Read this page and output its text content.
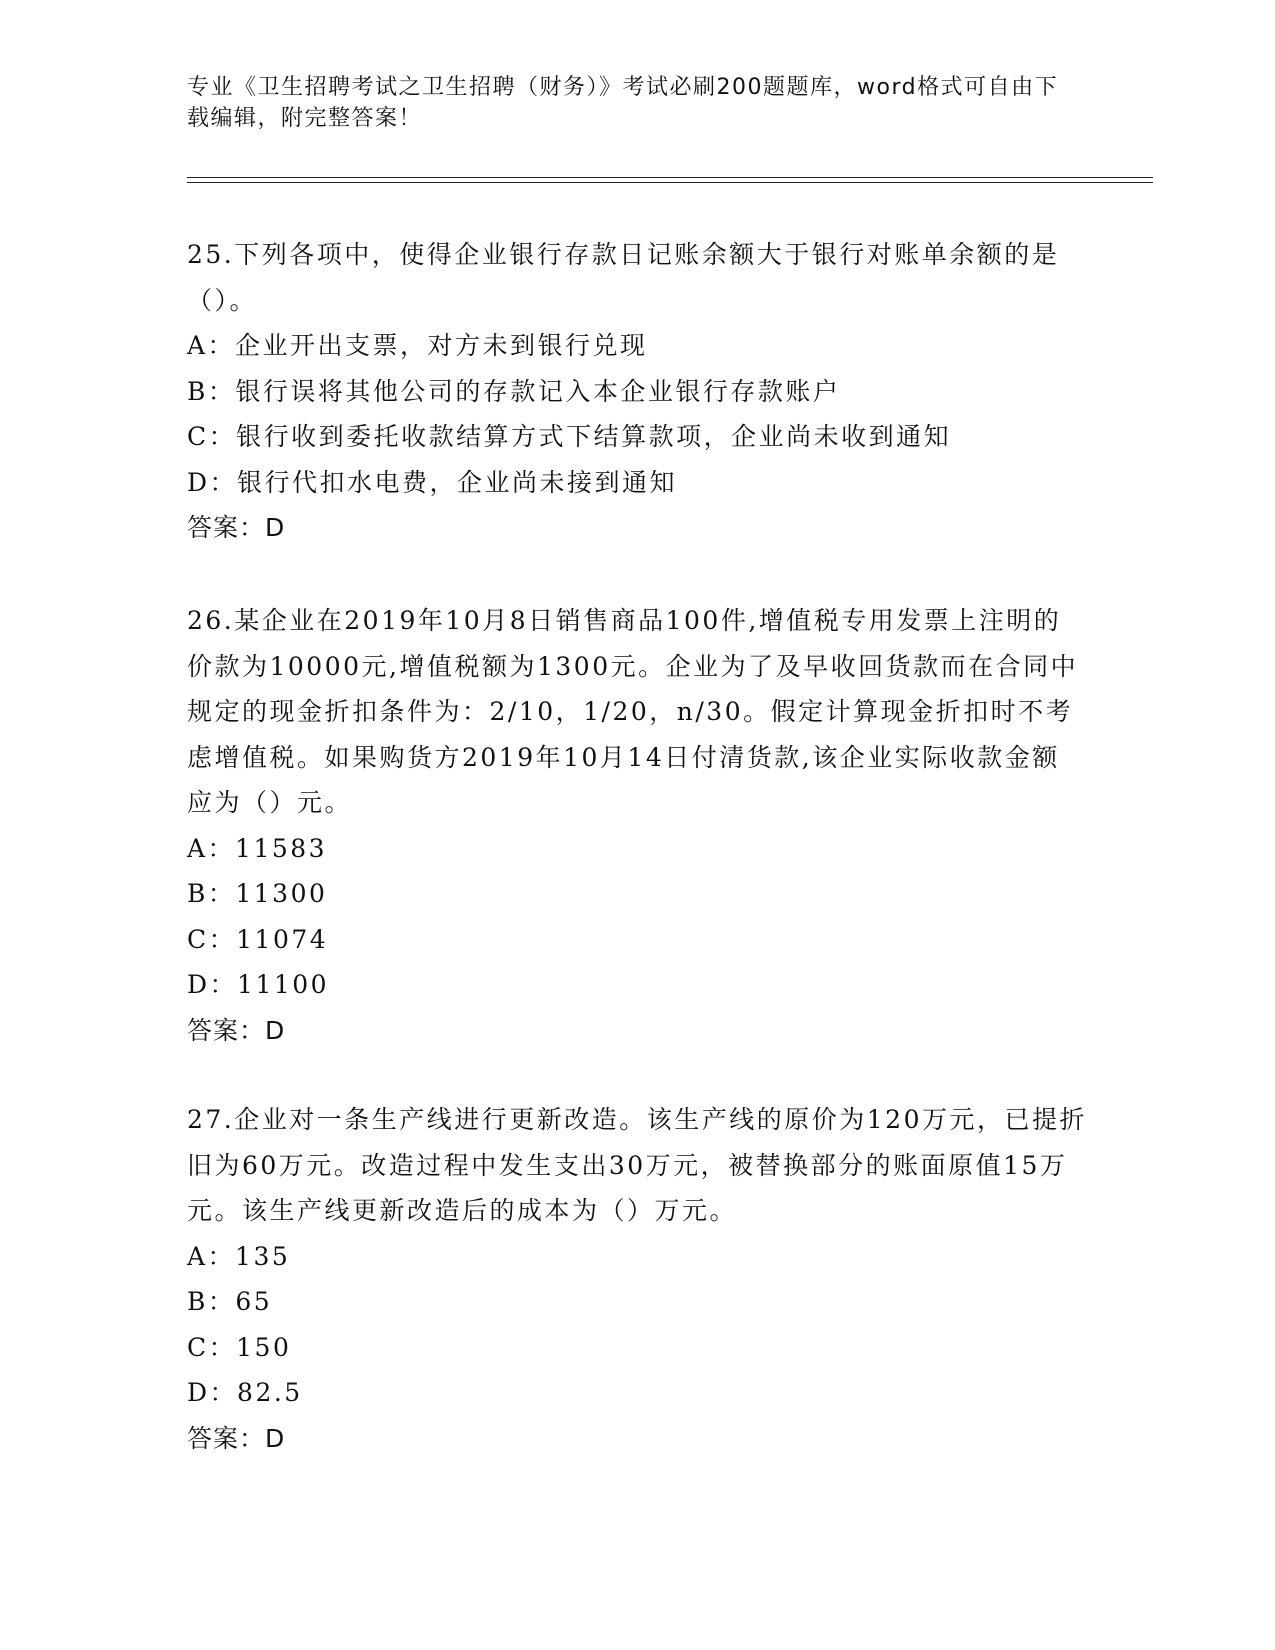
专业《卫生招聘考试之卫生招聘（财务）》考试必刷200题题库，word格式可自由下载编辑，附完整答案！
25.下列各项中，使得企业银行存款日记账余额大于银行对账单余额的是（）。
A：企业开出支票，对方未到银行兑现
B：银行误将其他公司的存款记入本企业银行存款账户
C：银行收到委托收款结算方式下结算款项，企业尚未收到通知
D：银行代扣水电费，企业尚未接到通知
答案：D
26.某企业在2019年10月8日销售商品100件,增值税专用发票上注明的价款为10000元,增值税额为1300元。企业为了及早收回货款而在合同中规定的现金折扣条件为：2/10，1/20，n/30。假定计算现金折扣时不考虑增值税。如果购货方2019年10月14日付清货款,该企业实际收款金额应为（）元。
A：11583
B：11300
C：11074
D：11100
答案：D
27.企业对一条生产线进行更新改造。该生产线的原价为120万元，已提折旧为60万元。改造过程中发生支出30万元，被替换部分的账面原值15万元。该生产线更新改造后的成本为（）万元。
A：135
B：65
C：150
D：82.5
答案：D
